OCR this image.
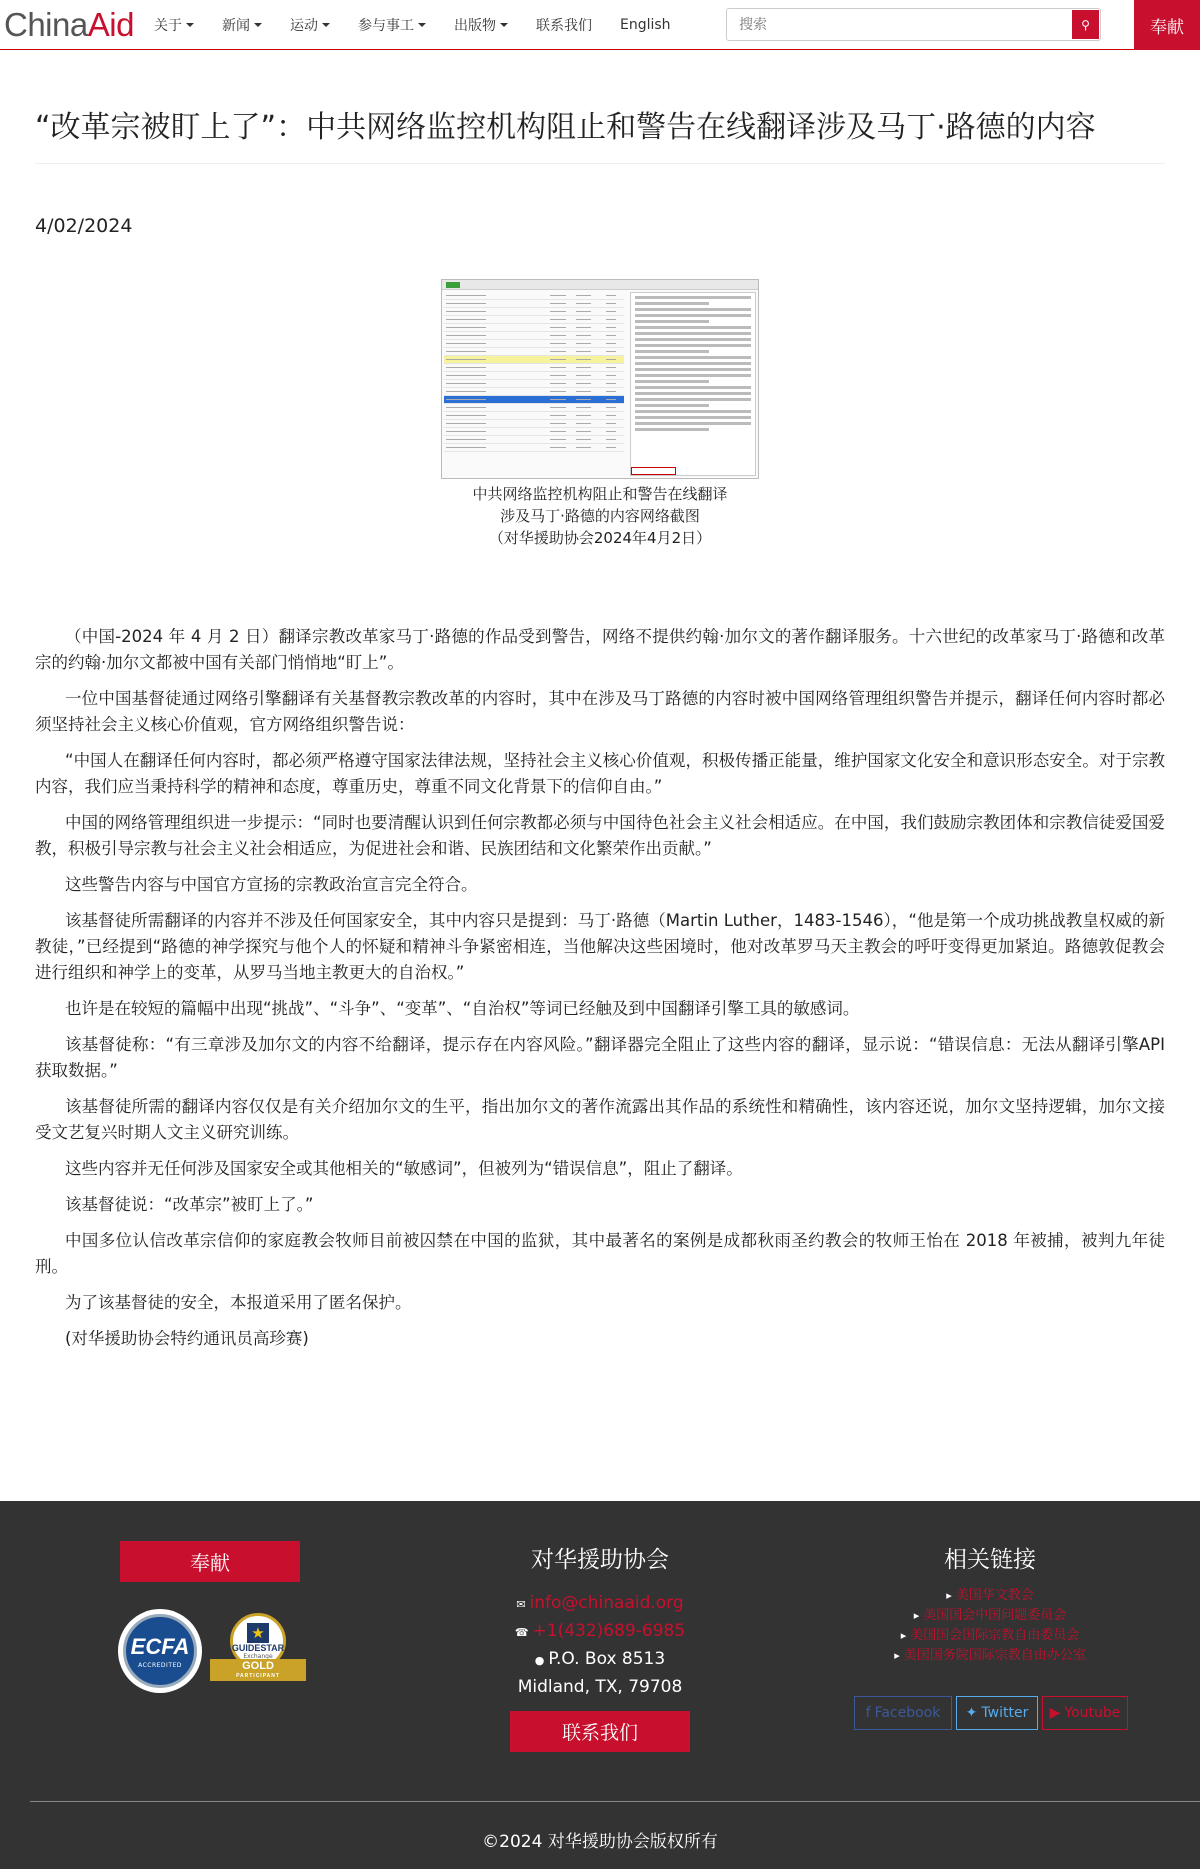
ChinaAid 关于	新闻	运动	参与事工	出版物	联系我们 English
搜索	⚲	奉献
“改革宗被盯上了”：中共网络监控机构阻止和警告在线翻译涉及马丁·路德的内容
4/02/2024
中共网络监控机构阻止和警告在线翻译
涉及马丁·路德的内容网络截图
（对华援助协会2024年4月2日）

（中国-2024 年 4 月 2 日）翻译宗教改革家马丁·路德的作品受到警告，网络不提供约翰·加尔文的著作翻译服务。十六世纪的改革家马丁·路德和改革宗的约翰·加尔文都被中国有关部门悄悄地“盯上”。

一位中国基督徒通过网络引擎翻译有关基督教宗教改革的内容时，其中在涉及马丁路德的内容时被中国网络管理组织警告并提示，翻译任何内容时都必须坚持社会主义核心价值观，官方网络组织警告说：

“中国人在翻译任何内容时，都必须严格遵守国家法律法规，坚持社会主义核心价值观，积极传播正能量，维护国家文化安全和意识形态安全。对于宗教内容，我们应当秉持科学的精神和态度，尊重历史，尊重不同文化背景下的信仰自由。”

中国的网络管理组织进一步提示：“同时也要清醒认识到任何宗教都必须与中国待色社会主义社会相适应。在中国，我们鼓励宗教团体和宗教信徒爱国爱教，积极引导宗教与社会主义社会相适应，为促进社会和谐、民族团结和文化繁荣作出贡献。”

这些警告内容与中国官方宣扬的宗教政治宣言完全符合。

该基督徒所需翻译的内容并不涉及任何国家安全，其中内容只是提到：马丁·路德（Martin Luther，1483-1546），“他是第一个成功挑战教皇权威的新教徒，”已经提到“路德的神学探究与他个人的怀疑和精神斗争紧密相连，当他解决这些困境时，他对改革罗马天主教会的呼吁变得更加紧迫。路德敦促教会进行组织和神学上的变革，从罗马当地主教更大的自治权。”

也许是在较短的篇幅中出现“挑战”、“斗争”、“变革”、“自治权”等词已经触及到中国翻译引擎工具的敏感词。

该基督徒称：“有三章涉及加尔文的内容不给翻译，提示存在内容风险。”翻译器完全阻止了这些内容的翻译，显示说：“错误信息：无法从翻译引擎API 获取数据。”

该基督徒所需的翻译内容仅仅是有关介绍加尔文的生平，指出加尔文的著作流露出其作品的系统性和精确性，该内容还说，加尔文坚持逻辑，加尔文接受文艺复兴时期人文主义研究训练。

这些内容并无任何涉及国家安全或其他相关的“敏感词”，但被列为“错误信息”，阻止了翻译。

该基督徒说：“改革宗”被盯上了。”

中国多位认信改革宗信仰的家庭教会牧师目前被囚禁在中国的监狱，其中最著名的案例是成都秋雨圣约教会的牧师王怡在 2018 年被捕，被判九年徒刑。

为了该基督徒的安全，本报道采用了匿名保护。

(对华援助协会特约通讯员高珍赛)

奉献
ECFA
ACCREDITED
★
GUIDESTAR
Exchange
GOLD
PARTICIPANT
对华援助协会
✉ info@chinaaid.org
☎ +1(432)689-6985
● P.O. Box 8513
Midland, TX, 79708
联系我们
相关链接
▸ 美国华文教会
▸ 美国国会中国问题委员会
▸ 美国国会国际宗教自由委员会
▸ 美国国务院国际宗教自由办公室
f Facebook ✦ Twitter ▶ Youtube
©2024 对华援助协会版权所有
